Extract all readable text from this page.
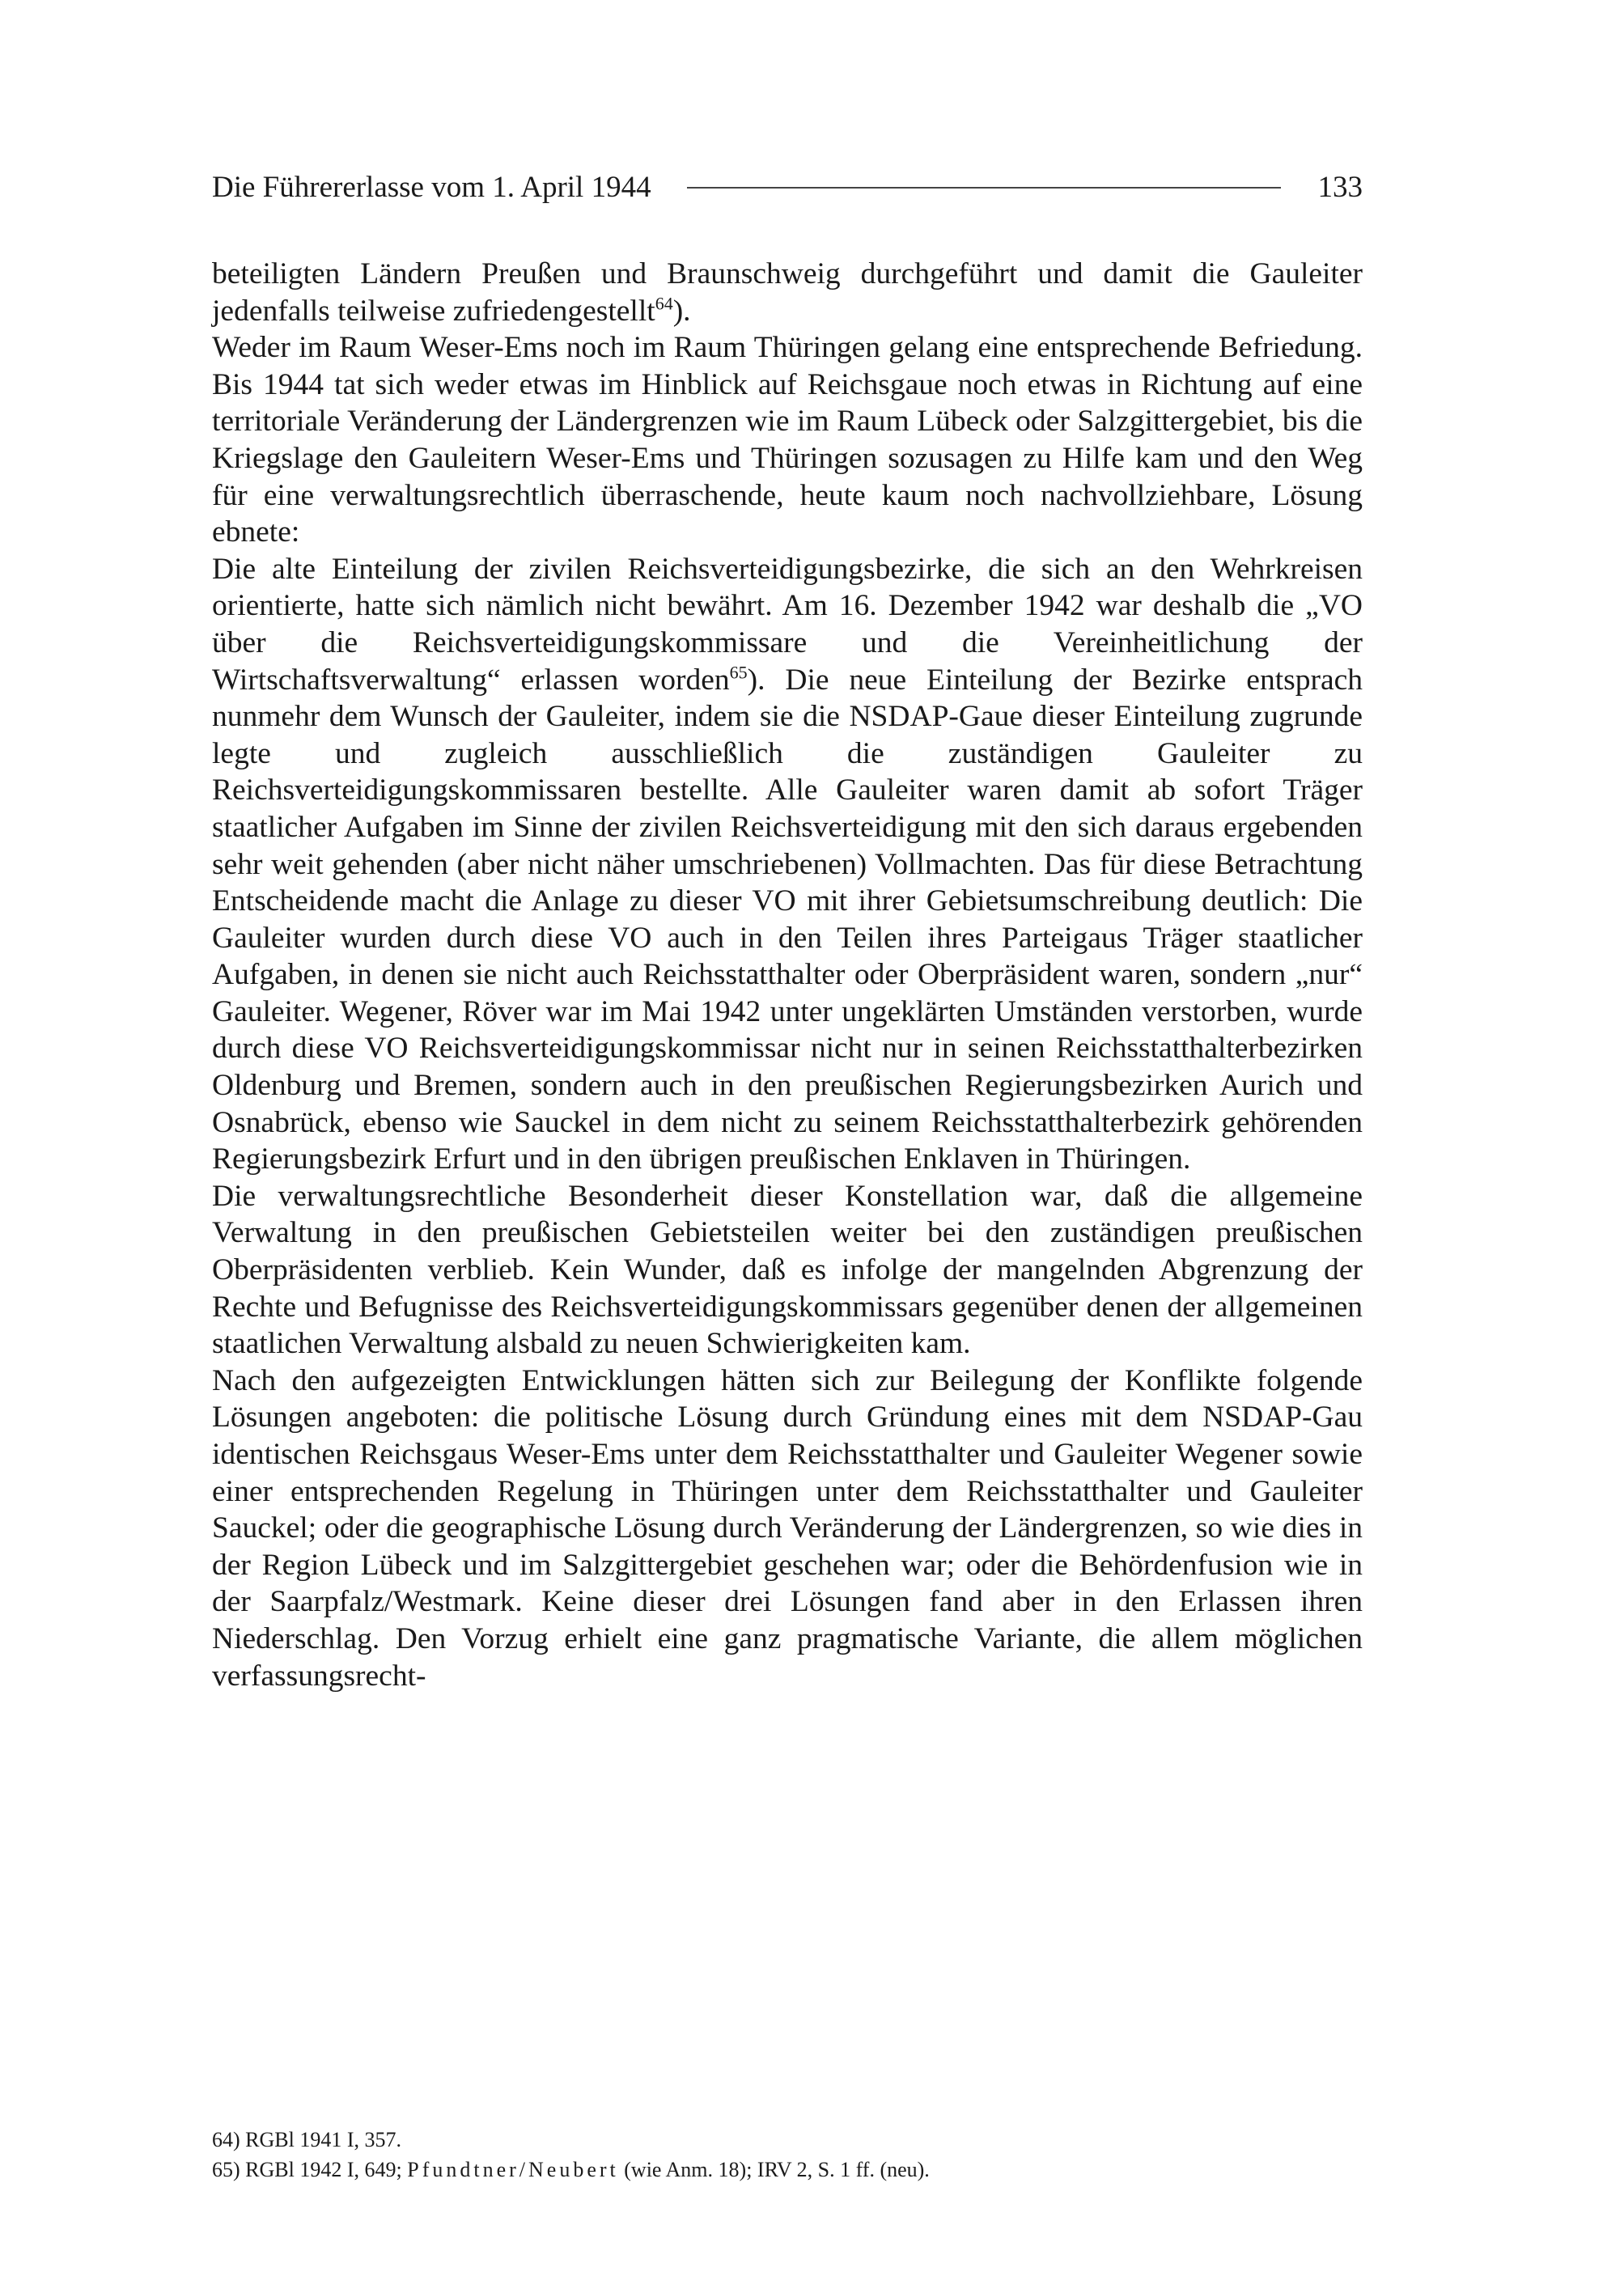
Die Führererlasse vom 1. April 1944	133

beteiligten Ländern Preußen und Braunschweig durchgeführt und damit die Gauleiter jedenfalls teilweise zufriedengestellt$^{64}$).

Weder im Raum Weser-Ems noch im Raum Thüringen gelang eine entsprechende Befriedung. Bis 1944 tat sich weder etwas im Hinblick auf Reichsgaue noch etwas in Richtung auf eine territoriale Veränderung der Ländergrenzen wie im Raum Lübeck oder Salzgittergebiet, bis die Kriegslage den Gauleitern Weser-Ems und Thüringen sozusagen zu Hilfe kam und den Weg für eine verwaltungsrechtlich überraschende, heute kaum noch nachvollziehbare, Lösung ebnete:

Die alte Einteilung der zivilen Reichsverteidigungsbezirke, die sich an den Wehrkreisen orientierte, hatte sich nämlich nicht bewährt. Am 16. Dezember 1942 war deshalb die „VO über die Reichsverteidigungskommissare und die Vereinheitlichung der Wirtschaftsverwaltung“ erlassen worden$^{65}$). Die neue Einteilung der Bezirke entsprach nunmehr dem Wunsch der Gauleiter, indem sie die NSDAP-Gaue dieser Einteilung zugrunde legte und zugleich ausschließlich die zuständigen Gauleiter zu Reichsverteidigungskommissaren bestellte. Alle Gauleiter waren damit ab sofort Träger staatlicher Aufgaben im Sinne der zivilen Reichsverteidigung mit den sich daraus ergebenden sehr weit gehenden (aber nicht näher umschriebenen) Vollmachten. Das für diese Betrachtung Entscheidende macht die Anlage zu dieser VO mit ihrer Gebietsumschreibung deutlich: Die Gauleiter wurden durch diese VO auch in den Teilen ihres Parteigaus Träger staatlicher Aufgaben, in denen sie nicht auch Reichsstatthalter oder Oberpräsident waren, sondern „nur“ Gauleiter. Wegener, Röver war im Mai 1942 unter ungeklärten Umständen verstorben, wurde durch diese VO Reichsverteidigungskommissar nicht nur in seinen Reichsstatthalterbezirken Oldenburg und Bremen, sondern auch in den preußischen Regierungsbezirken Aurich und Osnabrück, ebenso wie Sauckel in dem nicht zu seinem Reichsstatthalterbezirk gehörenden Regierungsbezirk Erfurt und in den übrigen preußischen Enklaven in Thüringen.

Die verwaltungsrechtliche Besonderheit dieser Konstellation war, daß die allgemeine Verwaltung in den preußischen Gebietsteilen weiter bei den zuständigen preußischen Oberpräsidenten verblieb. Kein Wunder, daß es infolge der mangelnden Abgrenzung der Rechte und Befugnisse des Reichsverteidigungskommissars gegenüber denen der allgemeinen staatlichen Verwaltung alsbald zu neuen Schwierigkeiten kam.

Nach den aufgezeigten Entwicklungen hätten sich zur Beilegung der Konflikte folgende Lösungen angeboten: die politische Lösung durch Gründung eines mit dem NSDAP-Gau identischen Reichsgaus Weser-Ems unter dem Reichsstatthalter und Gauleiter Wegener sowie einer entsprechenden Regelung in Thüringen unter dem Reichsstatthalter und Gauleiter Sauckel; oder die geographische Lösung durch Veränderung der Ländergrenzen, so wie dies in der Region Lübeck und im Salzgittergebiet geschehen war; oder die Behördenfusion wie in der Saarpfalz/Westmark. Keine dieser drei Lösungen fand aber in den Erlassen ihren Niederschlag. Den Vorzug erhielt eine ganz pragmatische Variante, die allem möglichen verfassungsrecht-

64) RGBl 1941 I, 357.
65) RGBl 1942 I, 649; Pfundtner/Neubert (wie Anm. 18); IRV 2, S. 1 ff. (neu).
